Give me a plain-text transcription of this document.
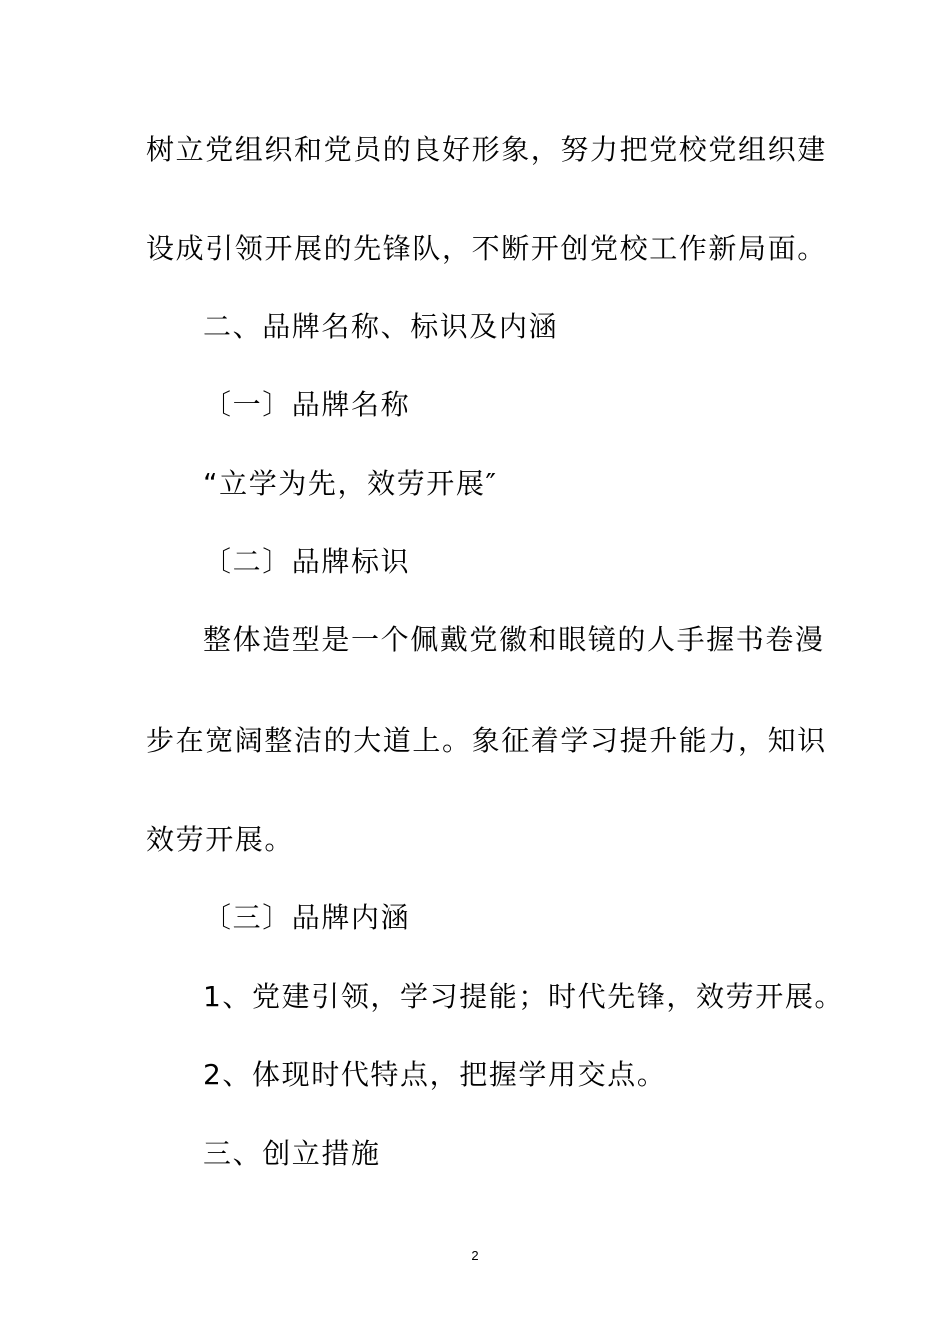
树立党组织和党员的良好形象，努力把党校党组织建
设成引领开展的先锋队，不断开创党校工作新局面。
二、品牌名称、标识及内涵
〔一〕品牌名称
“立学为先，效劳开展″
〔二〕品牌标识
整体造型是一个佩戴党徽和眼镜的人手握书卷漫
步在宽阔整洁的大道上。象征着学习提升能力，知识
效劳开展。
〔三〕品牌内涵
1、党建引领，学习提能；时代先锋，效劳开展。
2、体现时代特点，把握学用交点。
三、创立措施
2
